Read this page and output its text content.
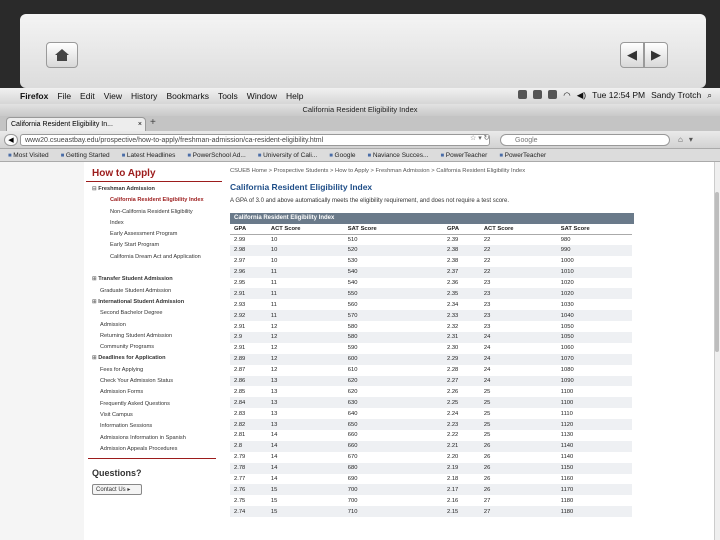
◀ ▶
Firefox File Edit View History Bookmarks Tools Window Help	◠ ◀) Tue 12:54 PM Sandy Trotch ⌕
California Resident Eligibility Index
California Resident Eligibility In...	× +
◀	www20.csueastbay.edu/prospective/how-to-apply/freshman-admission/ca-resident-eligibility.html	☆ ▾ ↻	Google	⌂▾
■ Most Visited	■ Getting Started	■ Latest Headlines	■ PowerSchool Ad...	■ University of Cali...	■ Google	■ Naviance Succes...	■ PowerTeacher	■ PowerTeacher
How to Apply
⊟ Freshman Admission
California Resident Eligibility Index
Non-California Resident Eligibility
Index
Early Assessment Program
Early Start Program
California Dream Act and Application

⊞ Transfer Student Admission
Graduate Student Admission
⊞ International Student Admission
Second Bachelor Degree
Admission
Returning Student Admission
Community Programs
⊞ Deadlines for Application
Fees for Applying
Check Your Admission Status
Admission Forms
Frequently Asked Questions
Visit Campus
Information Sessions
Admissions Information in Spanish
Admission Appeals Procedures
Questions?
Contact Us ▸
CSUEB Home > Prospective Students > How to Apply > Freshman Admission > California Resident Eligibility Index
California Resident Eligibility Index
A GPA of 3.0 and above automatically meets the eligibility requirement, and does not require a test score.
California Resident Eligibility Index
GPA	ACT Score	SAT Score		GPA	ACT Score	SAT Score
2.99	10	510		2.39	22	980
2.98	10	520		2.38	22	990
2.97	10	530		2.38	22	1000
2.96	11	540		2.37	22	1010
2.95	11	540		2.36	23	1020
2.91	11	550		2.35	23	1020
2.93	11	560		2.34	23	1030
2.92	11	570		2.33	23	1040
2.91	12	580		2.32	23	1050
2.9	12	580		2.31	24	1050
2.91	12	590		2.30	24	1060
2.89	12	600		2.29	24	1070
2.87	12	610		2.28	24	1080
2.86	13	620		2.27	24	1090
2.85	13	620		2.26	25	1100
2.84	13	630		2.25	25	1100
2.83	13	640		2.24	25	1110
2.82	13	650		2.23	25	1120
2.81	14	660		2.22	25	1130
2.8	14	660		2.21	26	1140
2.79	14	670		2.20	26	1140
2.78	14	680		2.19	26	1150
2.77	14	690		2.18	26	1160
2.76	15	700		2.17	26	1170
2.75	15	700		2.16	27	1180
2.74	15	710		2.15	27	1180
